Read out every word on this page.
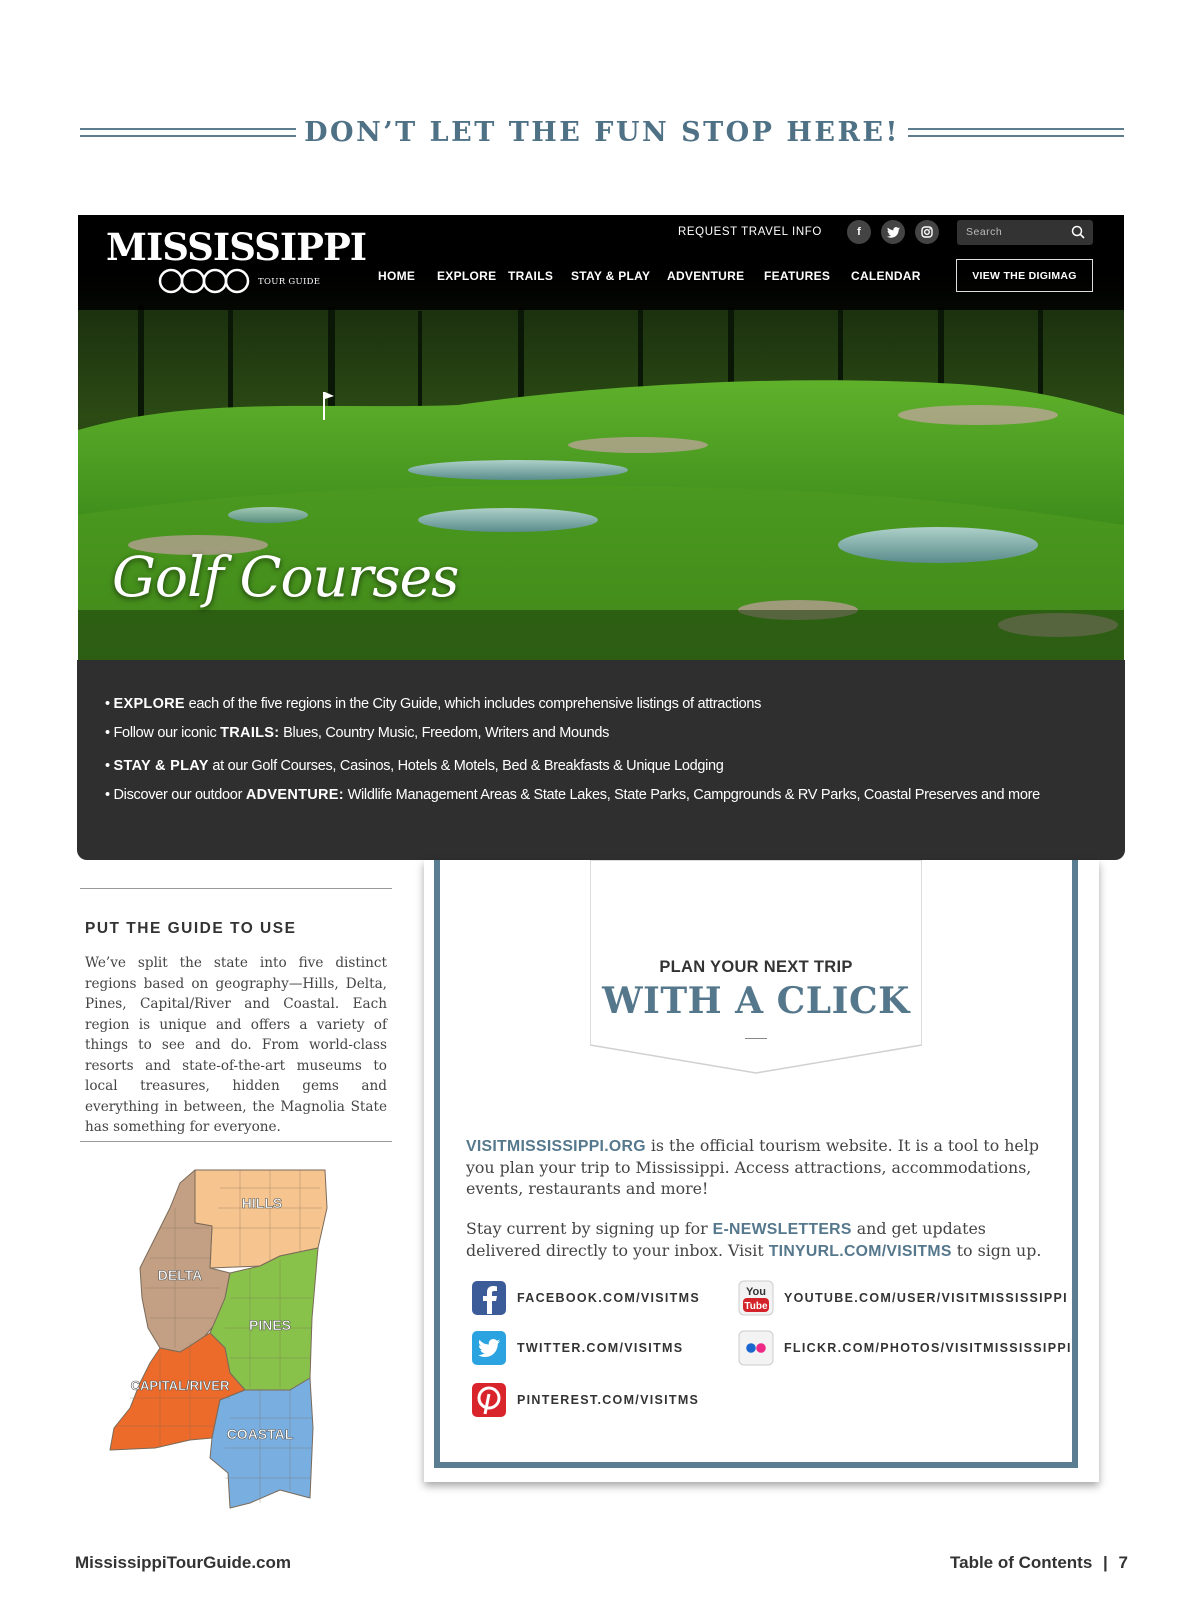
DON’T LET THE FUN STOP HERE!
MISSISSIPPI
TOUR GUIDE
REQUEST TRAVEL INFO	f	Search
HOME EXPLORE TRAILS STAY & PLAY ADVENTURE FEATURES CALENDAR	VIEW THE DIGIMAG
Golf Courses
• EXPLORE each of the five regions in the City Guide, which includes comprehensive listings of attractions
• Follow our iconic TRAILS: Blues, Country Music, Freedom, Writers and Mounds
• STAY & PLAY at our Golf Courses, Casinos, Hotels & Motels, Bed & Breakfasts & Unique Lodging
• Discover our outdoor ADVENTURE: Wildlife Management Areas & State Lakes, State Parks, Campgrounds & RV Parks, Coastal Preserves and more
PUT THE GUIDE TO USE
We’ve split the state into five distinct regions based on geography—Hills, Delta, Pines, Capital/River and Coastal. Each region is unique and offers a variety of things to see and do. From world-class resorts and state-of-the-art museums to local treasures, hidden gems and everything in between, the Magnolia State has something for everyone.
HILLS
DELTA
PINES
CAPITAL/RIVER
COASTAL
PLAN YOUR NEXT TRIP
WITH A CLICK
VISITMISSISSIPPI.ORG is the official tourism website. It is a tool to help you plan your trip to Mississippi. Access attractions, accommodations, events, restaurants and more!
Stay current by signing up for E-NEWSLETTERS and get updates delivered directly to your inbox. Visit TINYURL.COM/VISITMS to sign up.
FACEBOOK.COM/VISITMS
TWITTER.COM/VISITMS
PINTEREST.COM/VISITMS
You
Tube
YOUTUBE.COM/USER/VISITMISSISSIPPI
FLICKR.COM/PHOTOS/VISITMISSISSIPPI
MississippiTourGuide.com	Table of Contents | 7
